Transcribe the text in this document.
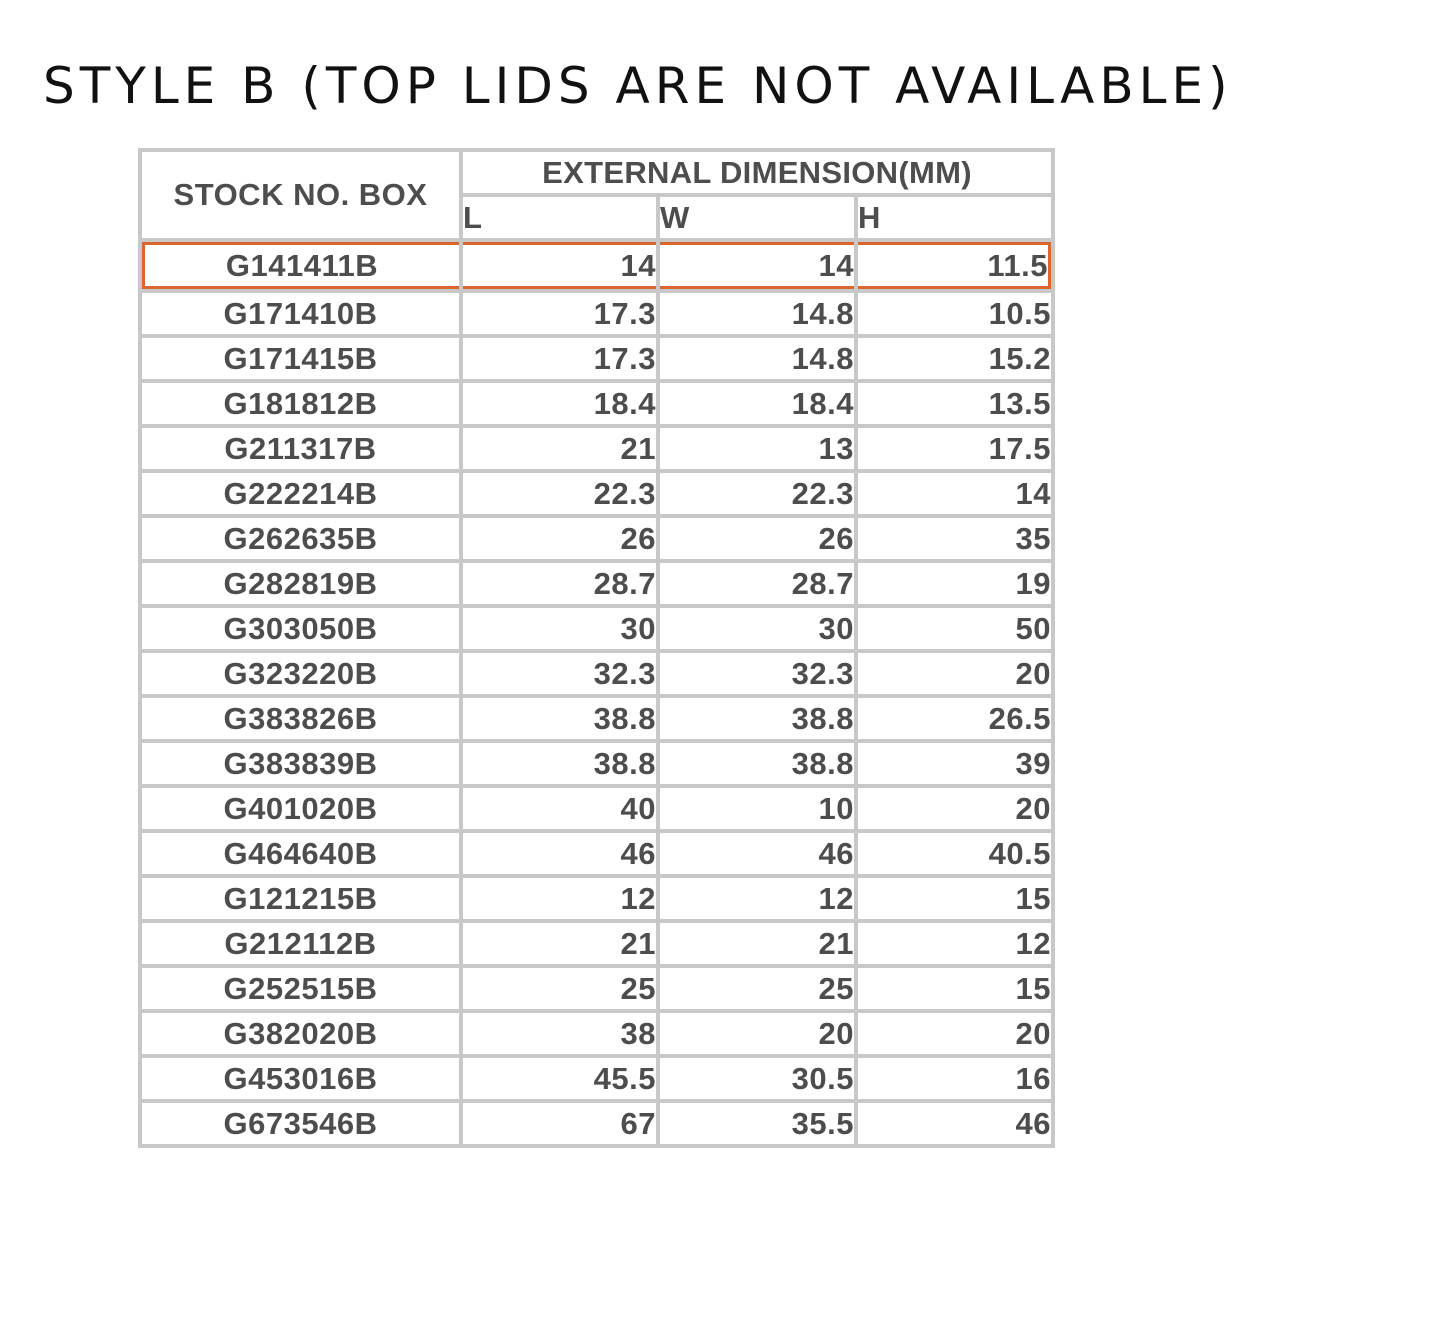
STYLE B (TOP LIDS ARE NOT AVAILABLE)
STOCK NO. BOX	EXTERNAL DIMENSION(MM)		
	L	W	H
G141411B	14	14	11.5
G171410B	17.3	14.8	10.5
G171415B	17.3	14.8	15.2
G181812B	18.4	18.4	13.5
G211317B	21	13	17.5
G222214B	22.3	22.3	14
G262635B	26	26	35
G282819B	28.7	28.7	19
G303050B	30	30	50
G323220B	32.3	32.3	20
G383826B	38.8	38.8	26.5
G383839B	38.8	38.8	39
G401020B	40	10	20
G464640B	46	46	40.5
G121215B	12	12	15
G212112B	21	21	12
G252515B	25	25	15
G382020B	38	20	20
G453016B	45.5	30.5	16
G673546B	67	35.5	46
